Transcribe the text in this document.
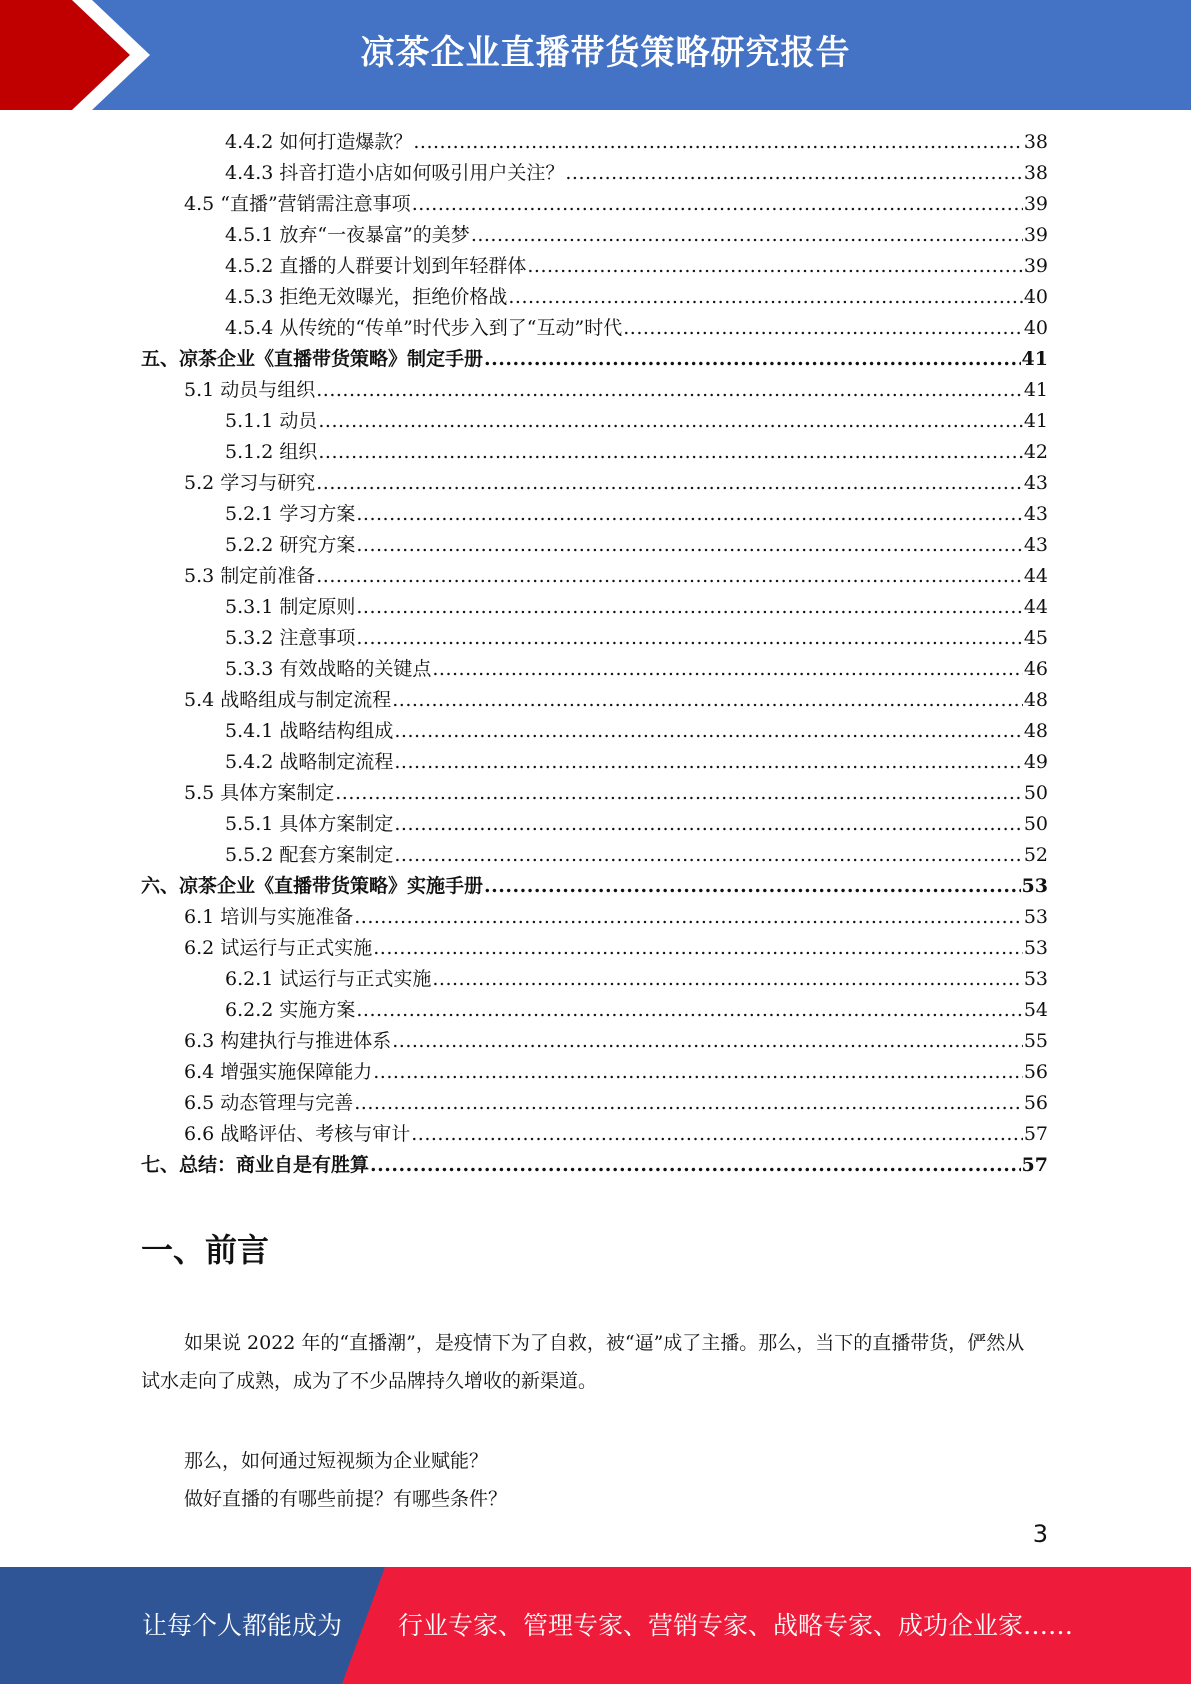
凉茶企业直播带货策略研究报告
4.4.2 如何打造爆款？ .....	38
4.4.3 抖音打造小店如何吸引用户关注？ .....	38
4.5 “直播”营销需注意事项 .....	39
4.5.1 放弃“一夜暴富”的美梦 .....	39
4.5.2 直播的人群要计划到年轻群体 .....	39
4.5.3 拒绝无效曝光，拒绝价格战 .....	40
4.5.4 从传统的“传单”时代步入到了“互动”时代 .....	40
五、凉茶企业《直播带货策略》制定手册 .....	41
5.1 动员与组织 .....	41
5.1.1 动员 .....	41
5.1.2 组织 .....	42
5.2 学习与研究 .....	43
5.2.1 学习方案 .....	43
5.2.2 研究方案 .....	43
5.3 制定前准备 .....	44
5.3.1 制定原则 .....	44
5.3.2 注意事项 .....	45
5.3.3 有效战略的关键点 .....	46
5.4 战略组成与制定流程 .....	48
5.4.1 战略结构组成 .....	48
5.4.2 战略制定流程 .....	49
5.5 具体方案制定 .....	50
5.5.1 具体方案制定 .....	50
5.5.2 配套方案制定 .....	52
六、凉茶企业《直播带货策略》实施手册 .....	53
6.1 培训与实施准备 .....	53
6.2 试运行与正式实施 .....	53
6.2.1 试运行与正式实施 .....	53
6.2.2 实施方案 .....	54
6.3 构建执行与推进体系 .....	55
6.4 增强实施保障能力 .....	56
6.5 动态管理与完善 .....	56
6.6 战略评估、考核与审计 .....	57
七、总结：商业自是有胜算 .....	57
一、前言
如果说 2022 年的“直播潮”，是疫情下为了自救，被“逼”成了主播。那么，当下的直播带货，俨然从试水走向了成熟，成为了不少品牌持久增收的新渠道。
那么，如何通过短视频为企业赋能？
做好直播的有哪些前提？有哪些条件？
3
让每个人都能成为 行业专家、管理专家、营销专家、战略专家、成功企业家……
